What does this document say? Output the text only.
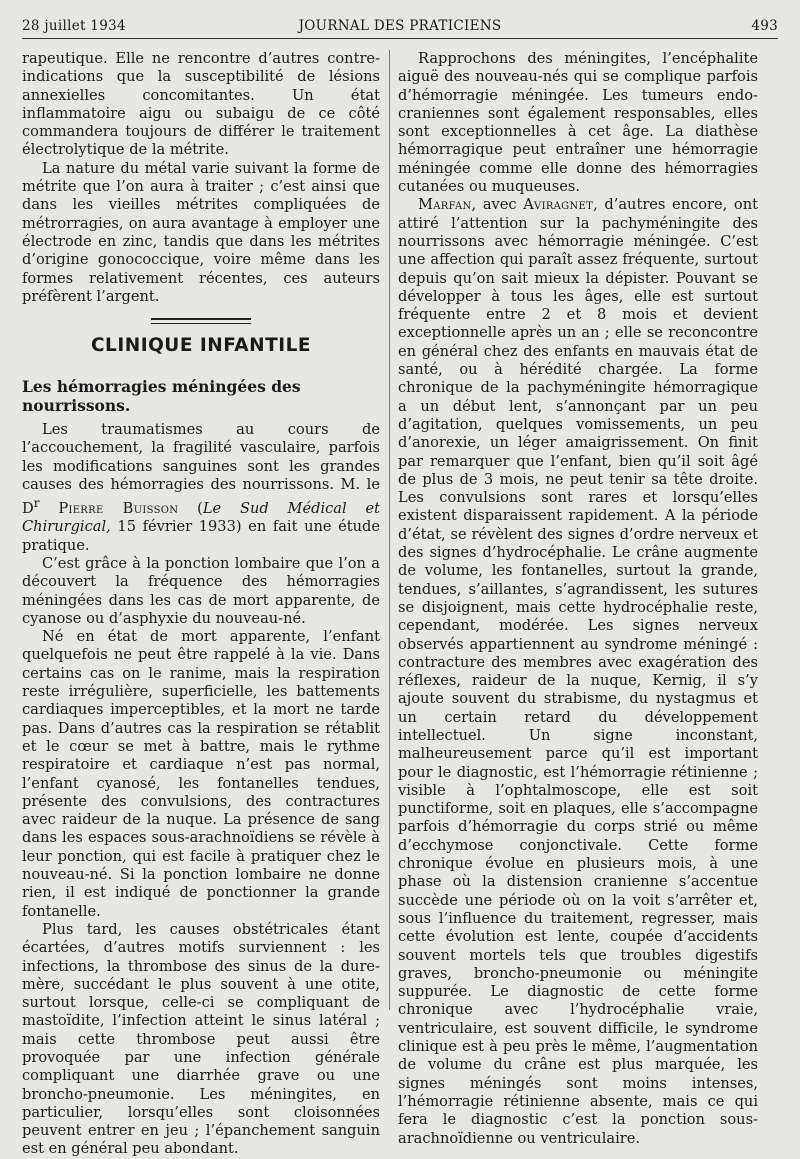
28 juillet 1934	JOURNAL DES PRATICIENS	493

rapeutique. Elle ne rencontre d’autres contre-indications que la susceptibilité de lésions annexielles concomitantes. Un état inflammatoire aigu ou subaigu de ce côté commandera toujours de différer le traitement électrolytique de la métrite.

La nature du métal varie suivant la forme de métrite que l’on aura à traiter ; c’est ainsi que dans les vieilles métrites compliquées de métrorragies, on aura avantage à employer une électrode en zinc, tandis que dans les métrites d’origine gonococcique, voire même dans les formes relativement récentes, ces auteurs préfèrent l’argent.

CLINIQUE INFANTILE
Les hémorragies méningées des nourrissons.

Les traumatismes au cours de l’accouchement, la fragilité vasculaire, parfois les modifications sanguines sont les grandes causes des hémorragies des nourrissons. M. le $D^r$ Pierre Buisson (Le Sud Médical et Chirurgical, 15 février 1933) en fait une étude pratique.

C’est grâce à la ponction lombaire que l’on a découvert la fréquence des hémorragies méningées dans les cas de mort apparente, de cyanose ou d’asphyxie du nouveau-né.

Né en état de mort apparente, l’enfant quelquefois ne peut être rappelé à la vie. Dans certains cas on le ranime, mais la respiration reste irrégulière, superficielle, les battements cardiaques imperceptibles, et la mort ne tarde pas. Dans d’autres cas la respiration se rétablit et le cœur se met à battre, mais le rythme respiratoire et cardiaque n’est pas normal, l’enfant cyanosé, les fontanelles tendues, présente des convulsions, des contractures avec raideur de la nuque. La présence de sang dans les espaces sous-arachnoïdiens se révèle à leur ponction, qui est facile à pratiquer chez le nouveau-né. Si la ponction lombaire ne donne rien, il est indiqué de ponctionner la grande fontanelle.

Plus tard, les causes obstétricales étant écartées, d’autres motifs surviennent : les infections, la thrombose des sinus de la dure-mère, succédant le plus souvent à une otite, surtout lorsque, celle-ci se compliquant de mastoïdite, l’infection atteint le sinus latéral ; mais cette thrombose peut aussi être provoquée par une infection générale compliquant une diarrhée grave ou une broncho-pneumonie. Les méningites, en particulier, lorsqu’elles sont cloisonnées peuvent entrer en jeu ; l’épanchement sanguin est en général peu abondant.

Rapprochons des méningites, l’encéphalite aiguë des nouveau-nés qui se complique parfois d’hémorragie méningée. Les tumeurs endo-craniennes sont également responsables, elles sont exceptionnelles à cet âge. La diathèse hémorragique peut entraîner une hémorragie méningée comme elle donne des hémorragies cutanées ou muqueuses.

Marfan, avec Aviragnet, d’autres encore, ont attiré l’attention sur la pachyméningite des nourrissons avec hémorragie méningée. C’est une affection qui paraît assez fréquente, surtout depuis qu’on sait mieux la dépister. Pouvant se développer à tous les âges, elle est surtout fréquente entre 2 et 8 mois et devient exceptionnelle après un an ; elle se reconcontre en général chez des enfants en mauvais état de santé, ou à hérédité chargée. La forme chronique de la pachyméningite hémorragique a un début lent, s’annonçant par un peu d’agitation, quelques vomissements, un peu d’anorexie, un léger amaigrissement. On finit par remarquer que l’enfant, bien qu’il soit âgé de plus de 3 mois, ne peut tenir sa tête droite. Les convulsions sont rares et lorsqu’elles existent disparaissent rapidement. A la période d’état, se révèlent des signes d’ordre nerveux et des signes d’hydrocéphalie. Le crâne augmente de volume, les fontanelles, surtout la grande, tendues, s’aillantes, s’agrandissent, les sutures se disjoignent, mais cette hydrocéphalie reste, cependant, modérée. Les signes nerveux observés appartiennent au syndrome méningé : contracture des membres avec exagération des réflexes, raideur de la nuque, Kernig, il s’y ajoute souvent du strabisme, du nystagmus et un certain retard du développement intellectuel. Un signe inconstant, malheureusement parce qu’il est important pour le diagnostic, est l’hémorragie rétinienne ; visible à l’ophtalmoscope, elle est soit punctiforme, soit en plaques, elle s’accompagne parfois d’hémorragie du corps strié ou même d’ecchymose conjonctivale. Cette forme chronique évolue en plusieurs mois, à une phase où la distension cranienne s’accentue succède une période où on la voit s’arrêter et, sous l’influence du traitement, regresser, mais cette évolution est lente, coupée d’accidents souvent mortels tels que troubles digestifs graves, broncho-pneumonie ou méningite suppurée. Le diagnostic de cette forme chronique avec l’hydrocéphalie vraie, ventriculaire, est souvent difficile, le syndrome clinique est à peu près le même, l’augmentation de volume du crâne est plus marquée, les signes méningés sont moins intenses, l’hémorragie rétinienne absente, mais ce qui fera le diagnostic c’est la ponction sous-arachnoïdienne ou ventriculaire.
